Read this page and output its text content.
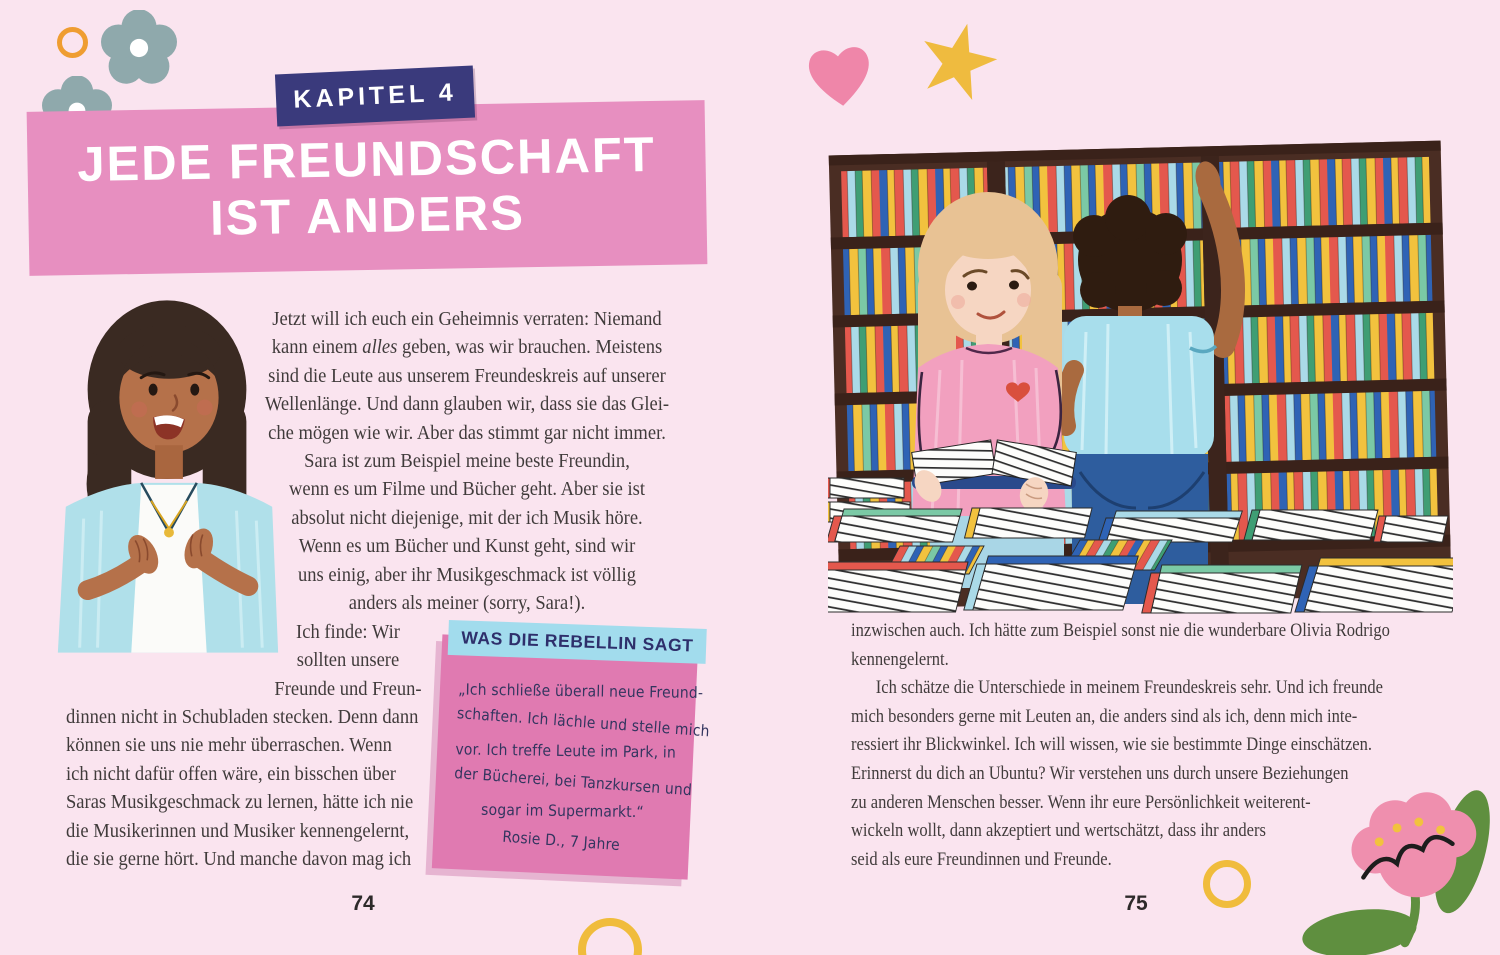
KAPITEL 4
JEDE FREUNDSCHAFT
IST ANDERS
Jetzt will ich euch ein Geheimnis verraten: Niemand
kann einem alles geben, was wir brauchen. Meistens
sind die Leute aus unserem Freundeskreis auf unserer
Wellenlänge. Und dann glauben wir, dass sie das Glei-
che mögen wie wir. Aber das stimmt gar nicht immer.
Sara ist zum Beispiel meine beste Freundin,
wenn es um Filme und Bücher geht. Aber sie ist
absolut nicht diejenige, mit der ich Musik höre.
Wenn es um Bücher und Kunst geht, sind wir
uns einig, aber ihr Musikgeschmack ist völlig
anders als meiner (sorry, Sara!).
Ich finde: Wir
sollten unsere
Freunde und Freun-
dinnen nicht in Schubladen stecken. Denn dann
können sie uns nie mehr überraschen. Wenn
ich nicht dafür offen wäre, ein bisschen über
Saras Musikgeschmack zu lernen, hätte ich nie
die Musikerinnen und Musiker kennengelernt,
die sie gerne hört. Und manche davon mag ich
WAS DIE REBELLIN SAGT
„Ich schließe überall neue Freund-
schaften. Ich lächle und stelle mich
vor. Ich treffe Leute im Park, in
der Bücherei, bei Tanzkursen und
sogar im Supermarkt.“
Rosie D., 7 Jahre
74	75
inzwischen auch. Ich hätte zum Beispiel sonst nie die wunderbare Olivia Rodrigo
kennengelernt.
Ich schätze die Unterschiede in meinem Freundeskreis sehr. Und ich freunde
mich besonders gerne mit Leuten an, die anders sind als ich, denn mich inte-
ressiert ihr Blickwinkel. Ich will wissen, wie sie bestimmte Dinge einschätzen.
Erinnerst du dich an Ubuntu? Wir verstehen uns durch unsere Beziehungen
zu anderen Menschen besser. Wenn ihr eure Persönlichkeit weiterent-
wickeln wollt, dann akzeptiert und wertschätzt, dass ihr anders
seid als eure Freundinnen und Freunde.
